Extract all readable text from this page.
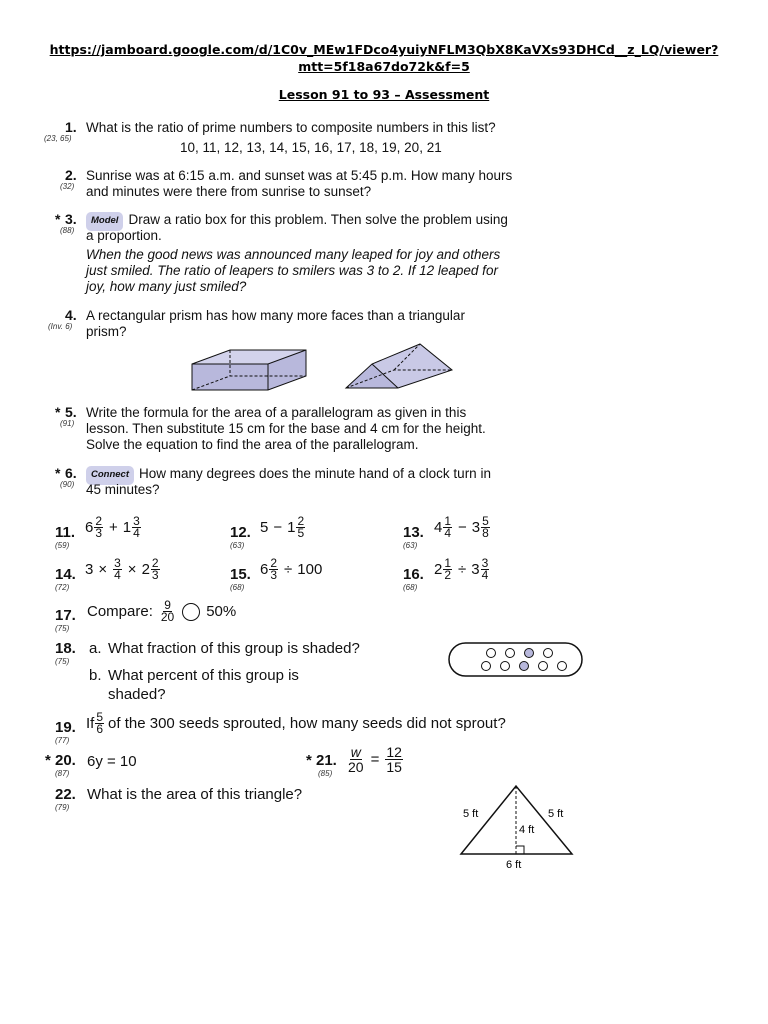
https://jamboard.google.com/d/1C0v_MEw1FDco4yuiyNFLM3QbX8KaVXs93DHCd__z_LQ/viewer?
mtt=5f18a67do72k&f=5
Lesson 91 to 93 – Assessment
1.
(23, 65)
What is the ratio of prime numbers to composite numbers in this list?
10, 11, 12, 13, 14, 15, 16, 17, 18, 19, 20, 21
2.
(32)
Sunrise was at 6:15 a.m. and sunset was at 5:45 p.m. How many hours
and minutes were there from sunrise to sunset?
* 3.
(88)
Model Draw a ratio box for this problem. Then solve the problem using
a proportion.
When the good news was announced many leaped for joy and others
just smiled. The ratio of leapers to smilers was 3 to 2. If 12 leaped for
joy, how many just smiled?
4.
(Inv. 6)
A rectangular prism has how many more faces than a triangular
prism?
* 5.
(91)
Write the formula for the area of a parallelogram as given in this
lesson. Then substitute 15 cm for the base and 4 cm for the height.
Solve the equation to find the area of the parallelogram.
* 6.
(90)
Connect How many degrees does the minute hand of a clock turn in
45 minutes?
11.
(59)
$6 \frac{2}{3} + 1 \frac{3}{4}$	12.
(63)
$5 - 1 \frac{2}{5}$	13.
(63)
$4 \frac{1}{4} - 3 \frac{5}{8}$
14.
(72)
$3 \times \frac{3}{4} \times 2 \frac{2}{3}$	15.
(68)
$6 \frac{2}{3} \div 100$	16.
(68)
$2 \frac{1}{2} \div 3 \frac{3}{4}$
17.
(75)
Compare: $\frac{9}{20} 50\%$
18.
(75)
a. What fraction of this group is shaded?
b. What percent of this group is
shaded?
19.
(77)
If $\frac{5}{6}$ of the 300 seeds sprouted, how many seeds did not sprout?
* 20.
(87)
6y = 10	* 21.
$(85) \frac{w}{20} = \frac{12}{15}$
22.
(79)
What is the area of this triangle?
5 ft	5 ft
4 ft
6 ft
